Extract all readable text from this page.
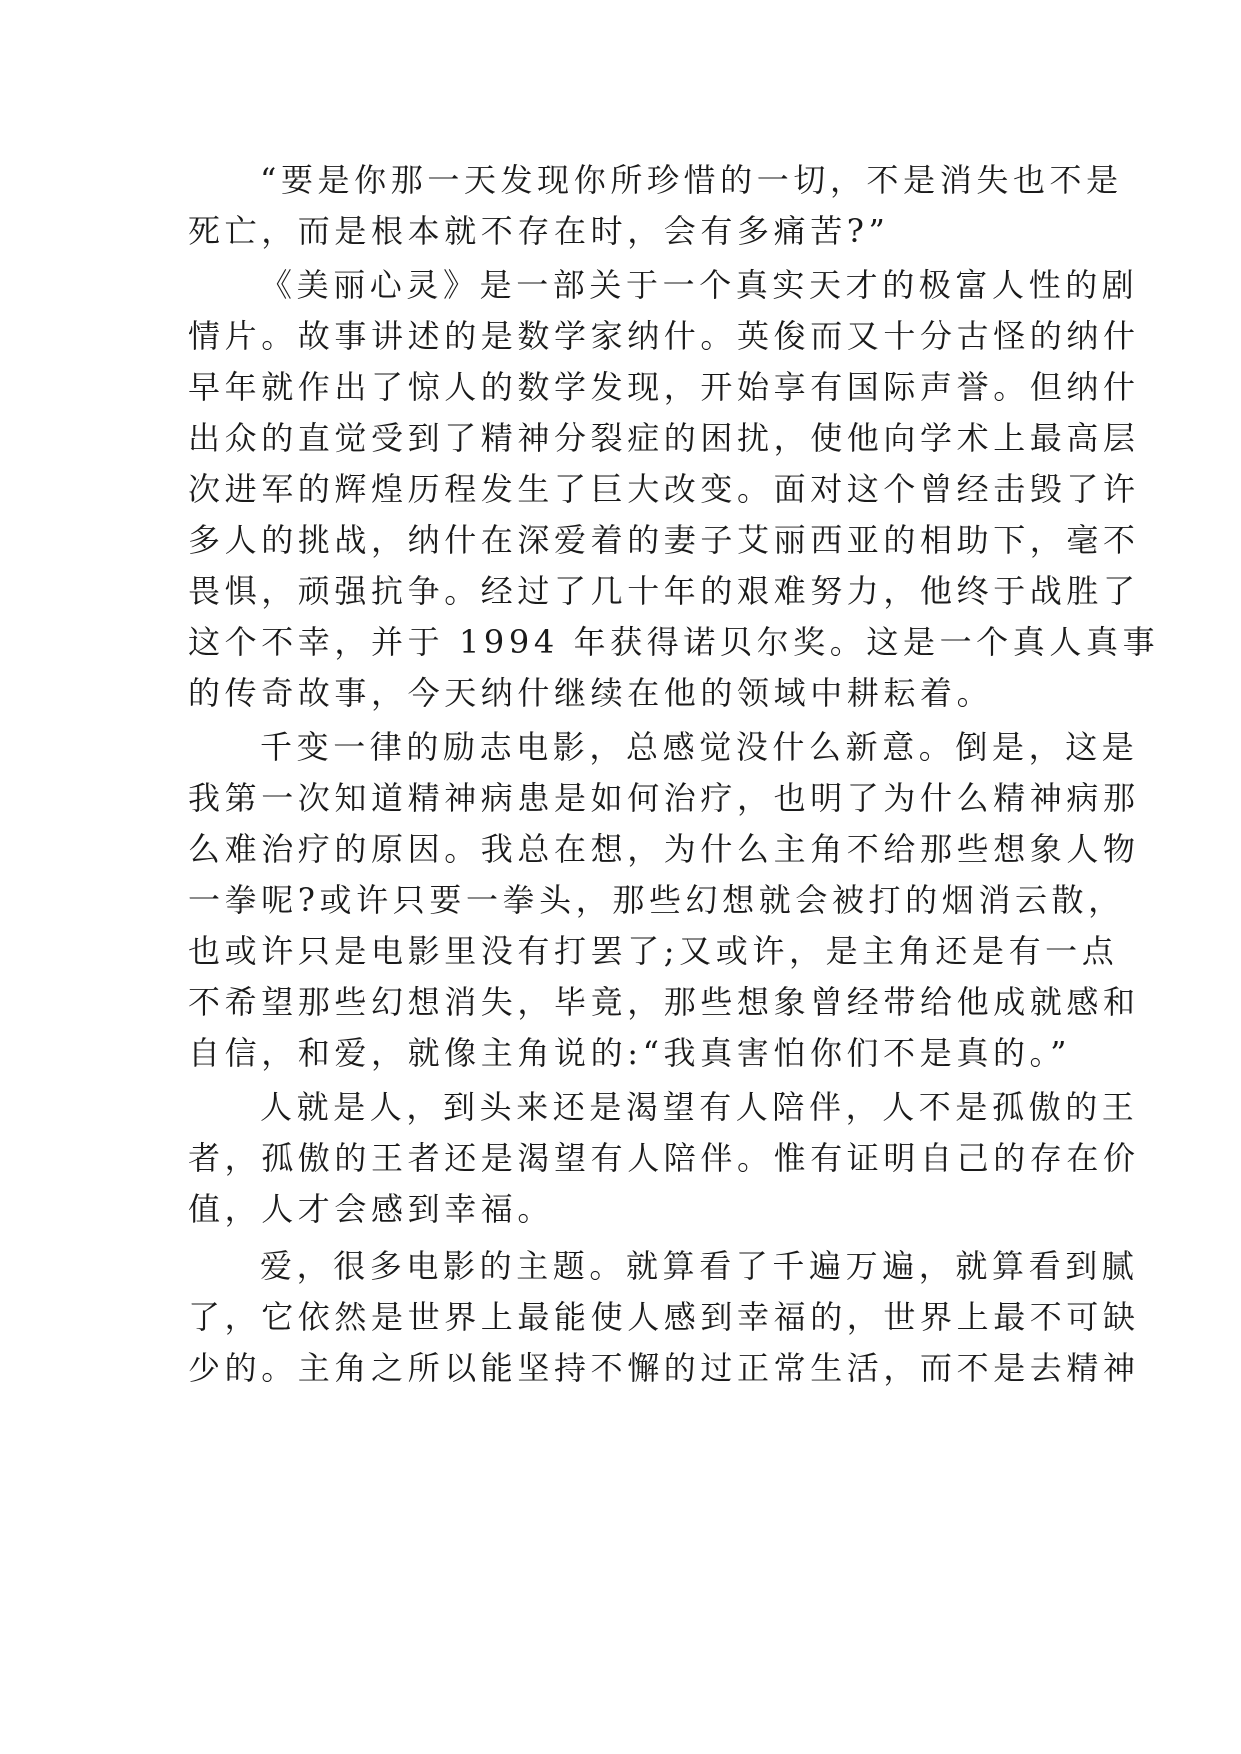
“要是你那一天发现你所珍惜的一切，不是消失也不是
死亡，而是根本就不存在时，会有多痛苦?”
《美丽心灵》是一部关于一个真实天才的极富人性的剧
情片。故事讲述的是数学家纳什。英俊而又十分古怪的纳什
早年就作出了惊人的数学发现，开始享有国际声誉。但纳什
出众的直觉受到了精神分裂症的困扰，使他向学术上最高层
次进军的辉煌历程发生了巨大改变。面对这个曾经击毁了许
多人的挑战，纳什在深爱着的妻子艾丽西亚的相助下，毫不
畏惧，顽强抗争。经过了几十年的艰难努力，他终于战胜了
这个不幸，并于 1994 年获得诺贝尔奖。这是一个真人真事
的传奇故事，今天纳什继续在他的领域中耕耘着。
千变一律的励志电影，总感觉没什么新意。倒是，这是
我第一次知道精神病患是如何治疗，也明了为什么精神病那
么难治疗的原因。我总在想，为什么主角不给那些想象人物
一拳呢?或许只要一拳头，那些幻想就会被打的烟消云散，
也或许只是电影里没有打罢了;又或许，是主角还是有一点
不希望那些幻想消失，毕竟，那些想象曾经带给他成就感和
自信，和爱，就像主角说的:“我真害怕你们不是真的。”
人就是人，到头来还是渴望有人陪伴，人不是孤傲的王
者，孤傲的王者还是渴望有人陪伴。惟有证明自己的存在价
值，人才会感到幸福。
爱，很多电影的主题。就算看了千遍万遍，就算看到腻
了，它依然是世界上最能使人感到幸福的，世界上最不可缺
少的。主角之所以能坚持不懈的过正常生活，而不是去精神
